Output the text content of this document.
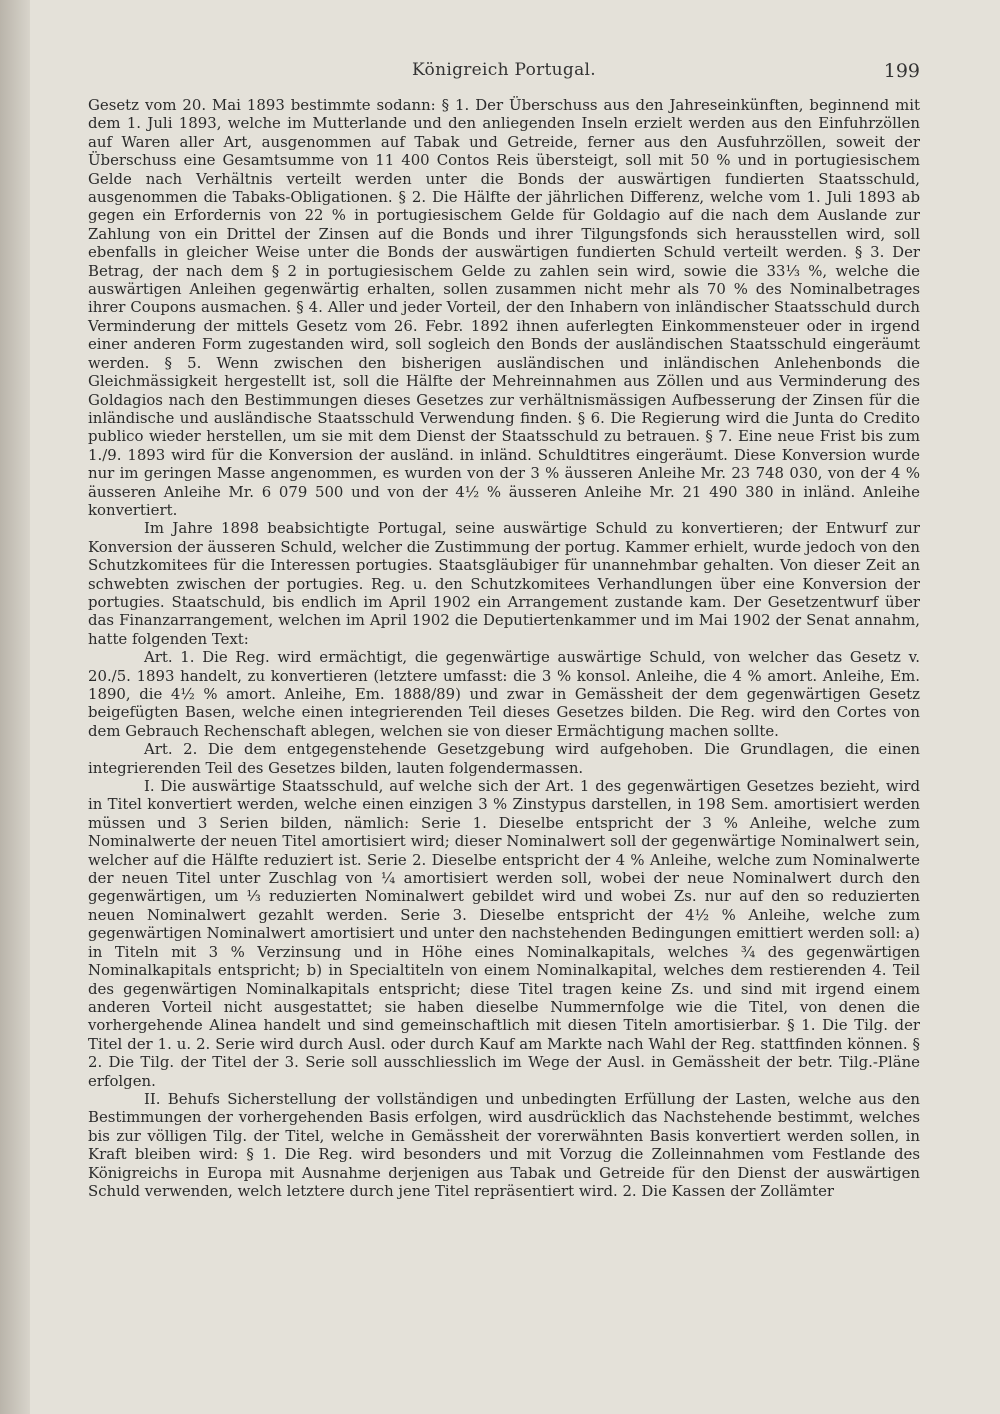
Königreich Portugal.	199

Gesetz vom 20. Mai 1893 bestimmte sodann: § 1. Der Überschuss aus den Jahreseinkünften, beginnend mit dem 1. Juli 1893, welche im Mutterlande und den anliegenden Inseln erzielt werden aus den Einfuhrzöllen auf Waren aller Art, ausgenommen auf Tabak und Getreide, ferner aus den Ausfuhrzöllen, soweit der Überschuss eine Gesamtsumme von 11 400 Contos Reis übersteigt, soll mit 50 % und in portugiesischem Gelde nach Verhältnis verteilt werden unter die Bonds der auswärtigen fundierten Staatsschuld, ausgenommen die Tabaks-Obligationen. § 2. Die Hälfte der jährlichen Differenz, welche vom 1. Juli 1893 ab gegen ein Erfordernis von 22 % in portugiesischem Gelde für Goldagio auf die nach dem Auslande zur Zahlung von ein Drittel der Zinsen auf die Bonds und ihrer Tilgungsfonds sich herausstellen wird, soll ebenfalls in gleicher Weise unter die Bonds der auswärtigen fundierten Schuld verteilt werden. § 3. Der Betrag, der nach dem § 2 in portugiesischem Gelde zu zahlen sein wird, sowie die 33⅓ %, welche die auswärtigen Anleihen gegenwärtig erhalten, sollen zusammen nicht mehr als 70 % des Nominalbetrages ihrer Coupons ausmachen. § 4. Aller und jeder Vorteil, der den Inhabern von inländischer Staatsschuld durch Verminderung der mittels Gesetz vom 26. Febr. 1892 ihnen auferlegten Einkommensteuer oder in irgend einer anderen Form zugestanden wird, soll sogleich den Bonds der ausländischen Staatsschuld eingeräumt werden. § 5. Wenn zwischen den bisherigen ausländischen und inländischen Anlehenbonds die Gleichmässigkeit hergestellt ist, soll die Hälfte der Mehreinnahmen aus Zöllen und aus Verminderung des Goldagios nach den Bestimmungen dieses Gesetzes zur verhältnismässigen Aufbesserung der Zinsen für die inländische und ausländische Staatsschuld Verwendung finden. § 6. Die Regierung wird die Junta do Credito publico wieder herstellen, um sie mit dem Dienst der Staatsschuld zu betrauen. § 7. Eine neue Frist bis zum 1./9. 1893 wird für die Konversion der ausländ. in inländ. Schuldtitres eingeräumt. Diese Konversion wurde nur im geringen Masse angenommen, es wurden von der 3 % äusseren Anleihe Mr. 23 748 030, von der 4 % äusseren Anleihe Mr. 6 079 500 und von der 4½ % äusseren Anleihe Mr. 21 490 380 in inländ. Anleihe konvertiert.

Im Jahre 1898 beabsichtigte Portugal, seine auswärtige Schuld zu konvertieren; der Entwurf zur Konversion der äusseren Schuld, welcher die Zustimmung der portug. Kammer erhielt, wurde jedoch von den Schutzkomitees für die Interessen portugies. Staatsgläubiger für unannehmbar gehalten. Von dieser Zeit an schwebten zwischen der portugies. Reg. u. den Schutzkomitees Verhandlungen über eine Konversion der portugies. Staatschuld, bis endlich im April 1902 ein Arrangement zustande kam. Der Gesetzentwurf über das Finanzarrangement, welchen im April 1902 die Deputiertenkammer und im Mai 1902 der Senat annahm, hatte folgenden Text:

Art. 1. Die Reg. wird ermächtigt, die gegenwärtige auswärtige Schuld, von welcher das Gesetz v. 20./5. 1893 handelt, zu konvertieren (letztere umfasst: die 3 % konsol. Anleihe, die 4 % amort. Anleihe, Em. 1890, die 4½ % amort. Anleihe, Em. 1888/89) und zwar in Gemässheit der dem gegenwärtigen Gesetz beigefügten Basen, welche einen integrierenden Teil dieses Gesetzes bilden. Die Reg. wird den Cortes von dem Gebrauch Rechenschaft ablegen, welchen sie von dieser Ermächtigung machen sollte.

Art. 2. Die dem entgegenstehende Gesetzgebung wird aufgehoben. Die Grundlagen, die einen integrierenden Teil des Gesetzes bilden, lauten folgendermassen.

I. Die auswärtige Staatsschuld, auf welche sich der Art. 1 des gegenwärtigen Gesetzes bezieht, wird in Titel konvertiert werden, welche einen einzigen 3 % Zinstypus darstellen, in 198 Sem. amortisiert werden müssen und 3 Serien bilden, nämlich: Serie 1. Dieselbe entspricht der 3 % Anleihe, welche zum Nominalwerte der neuen Titel amortisiert wird; dieser Nominalwert soll der gegenwärtige Nominalwert sein, welcher auf die Hälfte reduziert ist. Serie 2. Dieselbe entspricht der 4 % Anleihe, welche zum Nominalwerte der neuen Titel unter Zuschlag von ¼ amortisiert werden soll, wobei der neue Nominalwert durch den gegenwärtigen, um ⅓ reduzierten Nominalwert gebildet wird und wobei Zs. nur auf den so reduzierten neuen Nominalwert gezahlt werden. Serie 3. Dieselbe entspricht der 4½ % Anleihe, welche zum gegenwärtigen Nominalwert amortisiert und unter den nachstehenden Bedingungen emittiert werden soll: a) in Titeln mit 3 % Verzinsung und in Höhe eines Nominalkapitals, welches ¾ des gegenwärtigen Nominalkapitals entspricht; b) in Specialtiteln von einem Nominalkapital, welches dem restierenden 4. Teil des gegenwärtigen Nominalkapitals entspricht; diese Titel tragen keine Zs. und sind mit irgend einem anderen Vorteil nicht ausgestattet; sie haben dieselbe Nummernfolge wie die Titel, von denen die vorhergehende Alinea handelt und sind gemeinschaftlich mit diesen Titeln amortisierbar. § 1. Die Tilg. der Titel der 1. u. 2. Serie wird durch Ausl. oder durch Kauf am Markte nach Wahl der Reg. stattfinden können. § 2. Die Tilg. der Titel der 3. Serie soll ausschliesslich im Wege der Ausl. in Gemässheit der betr. Tilg.-Pläne erfolgen.

II. Behufs Sicherstellung der vollständigen und unbedingten Erfüllung der Lasten, welche aus den Bestimmungen der vorhergehenden Basis erfolgen, wird ausdrücklich das Nachstehende bestimmt, welches bis zur völligen Tilg. der Titel, welche in Gemässheit der vorerwähnten Basis konvertiert werden sollen, in Kraft bleiben wird: § 1. Die Reg. wird besonders und mit Vorzug die Zolleinnahmen vom Festlande des Königreichs in Europa mit Ausnahme derjenigen aus Tabak und Getreide für den Dienst der auswärtigen Schuld verwenden, welch letztere durch jene Titel repräsentiert wird. 2. Die Kassen der Zollämter
